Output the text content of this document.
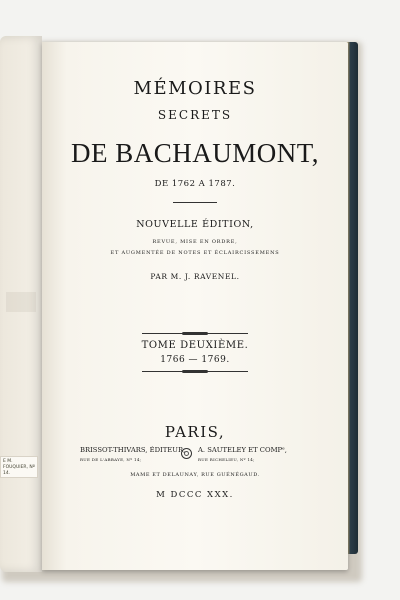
E M. FOUQUIER, Nº 14.
MÉMOIRES
SECRETS
DE BACHAUMONT,
DE 1762 A 1787.
NOUVELLE ÉDITION,
REVUE, MISE EN ORDRE,
ET AUGMENTÉE DE NOTES ET ÉCLAIRCISSEMENS
PAR M. J. RAVENEL.
TOME DEUXIÈME.
1766 — 1769.
PARIS,
BRISSOT-THIVARS, ÉDITEUR,
RUE DE L'ABBAYE, Nº 14;
A. SAUTELEY ET COMPᵉ,
RUE RICHELIEU, Nº 14;
MAME ET DELAUNAY, RUE GUÉNÉGAUD.
M DCCC XXX.
